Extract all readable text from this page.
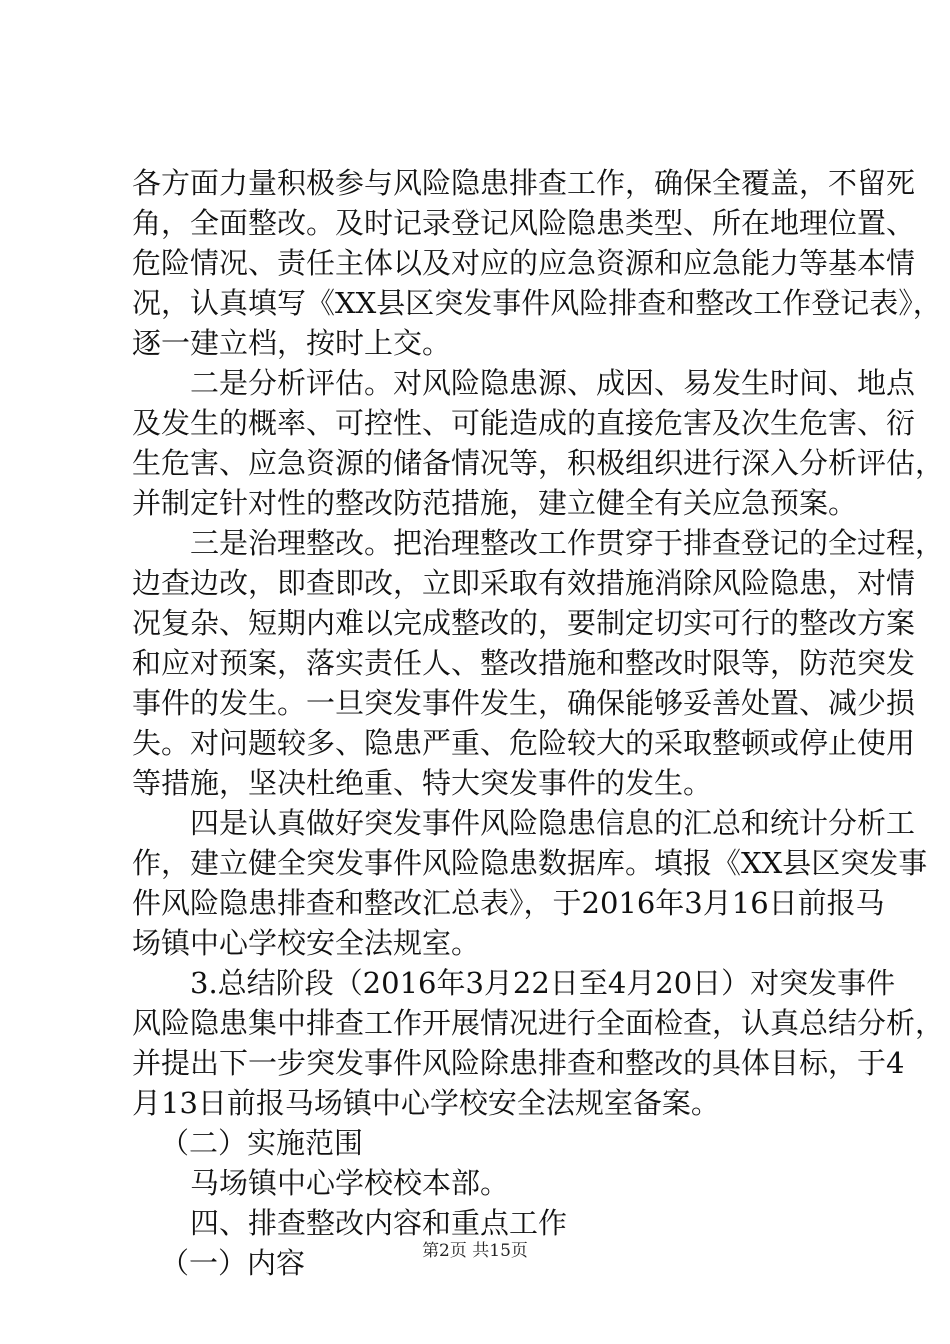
各方面力量积极参与风险隐患排查工作，确保全覆盖，不留死
角，全面整改。及时记录登记风险隐患类型、所在地理位置、
危险情况、责任主体以及对应的应急资源和应急能力等基本情
况，认真填写《XX县区突发事件风险排查和整改工作登记表》，
逐一建立档，按时上交。
二是分析评估。对风险隐患源、成因、易发生时间、地点
及发生的概率、可控性、可能造成的直接危害及次生危害、衍
生危害、应急资源的储备情况等，积极组织进行深入分析评估，
并制定针对性的整改防范措施，建立健全有关应急预案。
三是治理整改。把治理整改工作贯穿于排查登记的全过程，
边查边改，即查即改，立即采取有效措施消除风险隐患，对情
况复杂、短期内难以完成整改的，要制定切实可行的整改方案
和应对预案，落实责任人、整改措施和整改时限等，防范突发
事件的发生。一旦突发事件发生，确保能够妥善处置、减少损
失。对问题较多、隐患严重、危险较大的采取整顿或停止使用
等措施，坚决杜绝重、特大突发事件的发生。
四是认真做好突发事件风险隐患信息的汇总和统计分析工
作，建立健全突发事件风险隐患数据库。填报《XX县区突发事
件风险隐患排查和整改汇总表》，于2016年3月16日前报马
场镇中心学校安全法规室。
3.总结阶段（2016年3月22日至4月20日）对突发事件
风险隐患集中排查工作开展情况进行全面检查，认真总结分析，
并提出下一步突发事件风险除患排查和整改的具体目标，于4
月13日前报马场镇中心学校安全法规室备案。
（二）实施范围
马场镇中心学校校本部。
四、排查整改内容和重点工作
（一）内容	第2页 共15页
